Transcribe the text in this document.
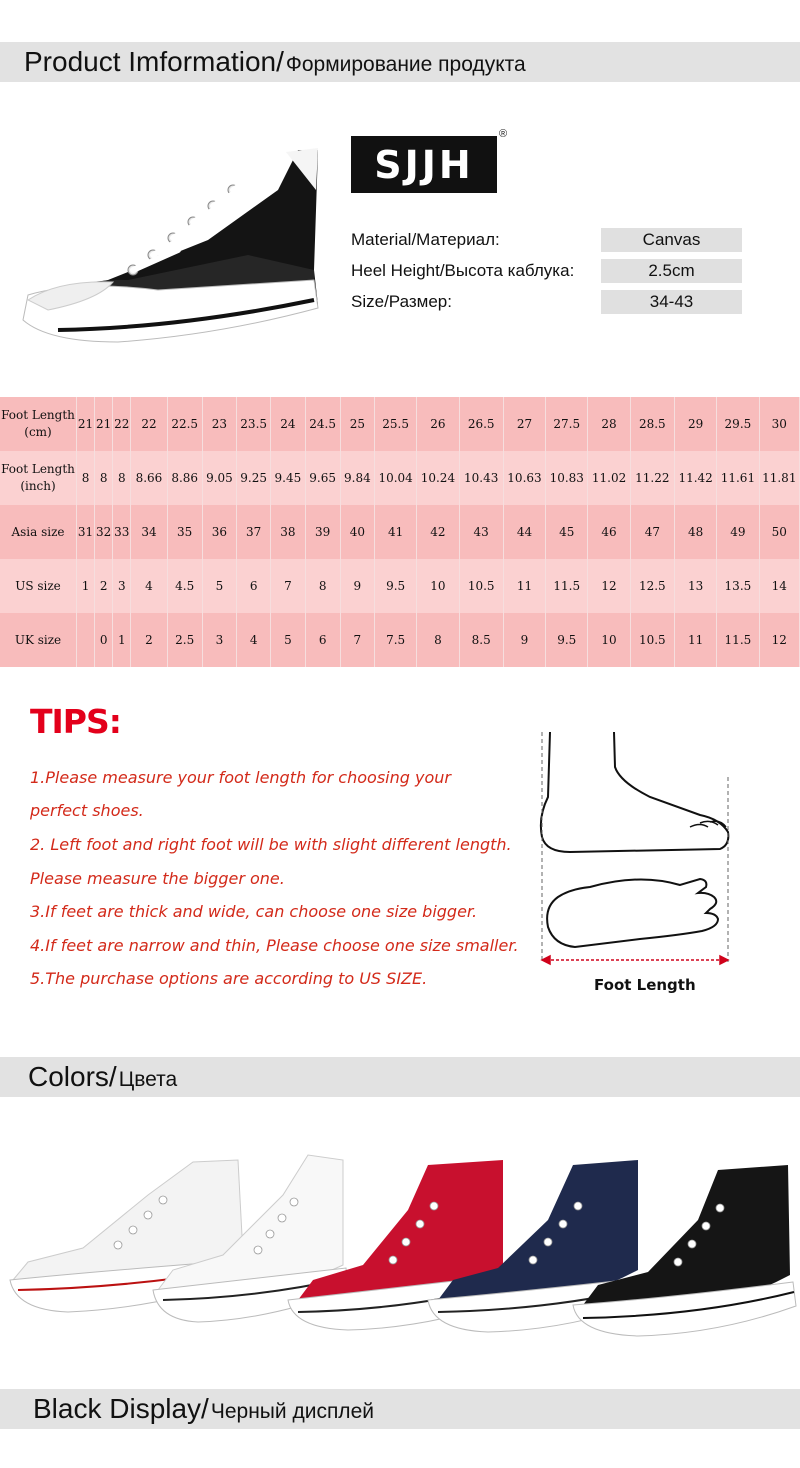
Product Imformation/ Формирование продукта
SJJH
®
Material/Материал:	Canvas
Heel Height/Высота каблука:	2.5cm
Size/Размер:	34-43
Foot Length
(cm)	21	21	22	22	22.5	23	23.5	24	24.5	25	25.5	26	26.5	27	27.5	28	28.5	29	29.5	30
Foot Length
(inch)	8	8	8	8.66	8.86	9.05	9.25	9.45	9.65	9.84	10.04	10.24	10.43	10.63	10.83	11.02	11.22	11.42	11.61	11.81
Asia size	31	32	33	34	35	36	37	38	39	40	41	42	43	44	45	46	47	48	49	50
US size	1	2	3	4	4.5	5	6	7	8	9	9.5	10	10.5	11	11.5	12	12.5	13	13.5	14
UK size		0	1	2	2.5	3	4	5	6	7	7.5	8	8.5	9	9.5	10	10.5	11	11.5	12
TIPS:
1.Please measure your foot length for choosing your
perfect shoes.
2. Left foot and right foot will be with slight different length.
Please measure the bigger one.
3.If feet are thick and wide, can choose one size bigger.
4.If feet are narrow and thin, Please choose one size smaller.
5.The purchase options are according to US SIZE.	Foot Length
Colors/ Цвета
Black Display/ Черный дисплей
